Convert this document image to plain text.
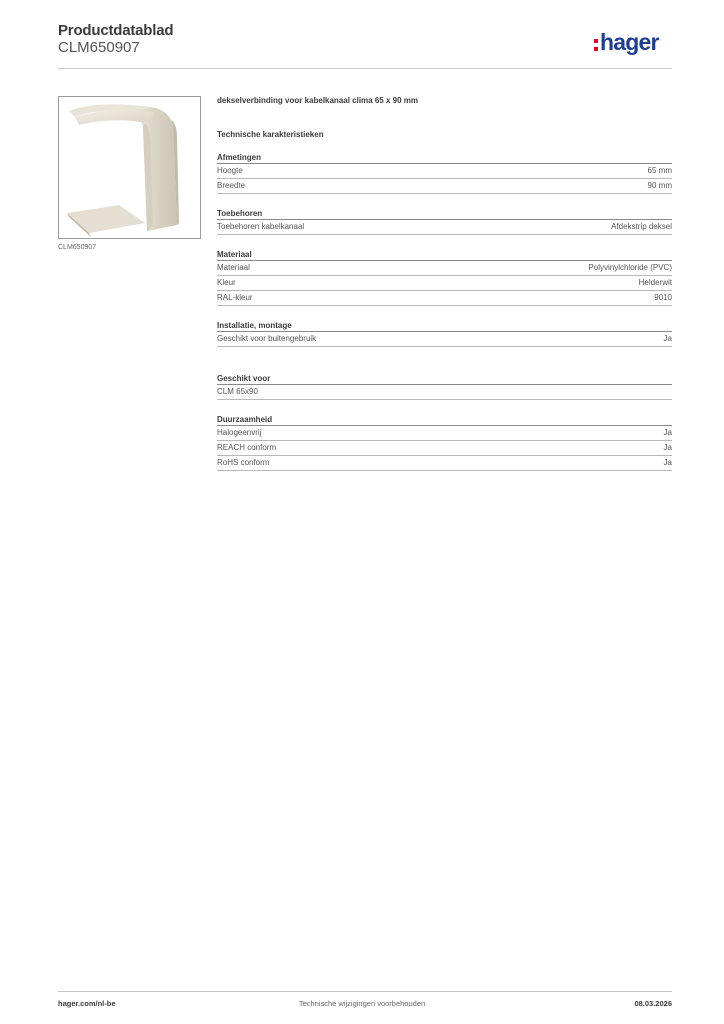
Productdatablad
CLM650907	hager
CLM650907
dekselverbinding voor kabelkanaal clima 65 x 90 mm
Technische karakteristieken
Afmetingen
Hoogte	65 mm
Breedte	90 mm
Toebehoren
Toebehoren kabelkanaal	Afdekstrip deksel
Materiaal
Materiaal	Polyvinylchloride (PVC)
Kleur	Helderwit
RAL-kleur	9010
Installatie, montage
Geschikt voor buitengebruik	Ja
Geschikt voor
CLM 65x90
Duurzaamheid
Halogeenvrij	Ja
REACH conform	Ja
RoHS conform	Ja
hager.com/nl-be	Technische wijzigingen voorbehouden	08.03.2026
